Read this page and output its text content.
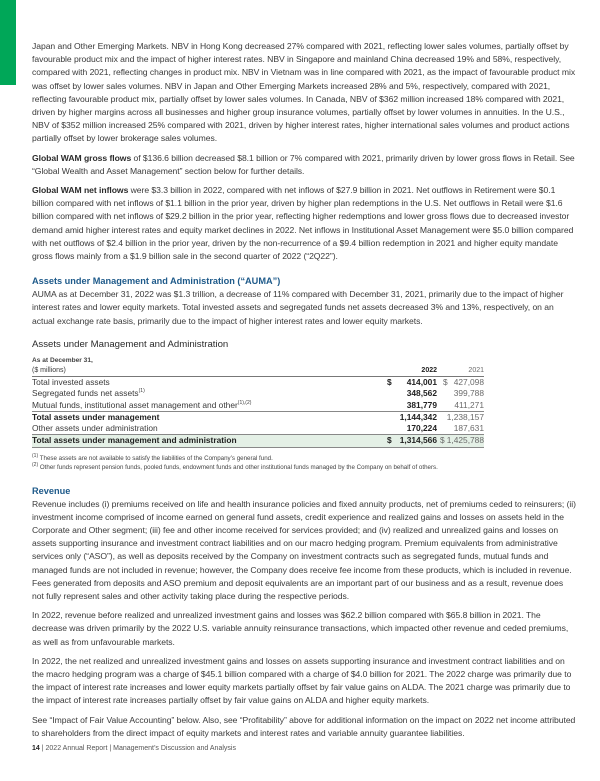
Japan and Other Emerging Markets. NBV in Hong Kong decreased 27% compared with 2021, reflecting lower sales volumes, partially offset by favourable product mix and the impact of higher interest rates. NBV in Singapore and mainland China decreased 19% and 58%, respectively, compared with 2021, reflecting changes in product mix. NBV in Vietnam was in line compared with 2021, as the impact of favourable product mix was offset by lower sales volumes. NBV in Japan and Other Emerging Markets increased 28% and 5%, respectively, compared with 2021, reflecting favourable product mix, partially offset by lower sales volumes. In Canada, NBV of $362 million increased 18% compared with 2021, driven by higher margins across all businesses and higher group insurance volumes, partially offset by lower volumes in annuities. In the U.S., NBV of $352 million increased 25% compared with 2021, driven by higher interest rates, higher international sales volumes and product actions partially offset by lower brokerage sales volumes.

Global WAM gross flows of $136.6 billion decreased $8.1 billion or 7% compared with 2021, primarily driven by lower gross flows in Retail. See “Global Wealth and Asset Management” section below for further details.

Global WAM net inflows were $3.3 billion in 2022, compared with net inflows of $27.9 billion in 2021. Net outflows in Retirement were $0.1 billion compared with net inflows of $1.1 billion in the prior year, driven by higher plan redemptions in the U.S. Net outflows in Retail were $1.6 billion compared with net inflows of $29.2 billion in the prior year, reflecting higher redemptions and lower gross flows due to decreased investor demand amid higher interest rates and equity market declines in 2022. Net inflows in Institutional Asset Management were $5.0 billion compared with net outflows of $2.4 billion in the prior year, driven by the non-recurrence of a $9.4 billion redemption in 2021 and higher equity mandate gross flows mainly from a $1.9 billion sale in the second quarter of 2022 (“2Q22”).

Assets under Management and Administration (“AUMA”)

AUMA as at December 31, 2022 was $1.3 trillion, a decrease of 11% compared with December 31, 2021, primarily due to the impact of higher interest rates and lower equity markets. Total invested assets and segregated funds net assets decreased 3% and 13%, respectively, on an actual exchange rate basis, primarily due to the impact of higher interest rates and lower equity markets.

Assets under Management and Administration
As at December 31,
($ millions)	2022	2021
Total invested assets	$ 414,001	$ 427,098
Segregated funds net assets$^{(1)}$	348,562	399,788
Mutual funds, institutional asset management and other$^{(1),(2)}$	381,779	411,271
Total assets under management	1,144,342	1,238,157
Other assets under administration	170,224	187,631
Total assets under management and administration	$ 1,314,566	$ 1,425,788
$^{(1)}$ These assets are not available to satisfy the liabilities of the Company’s general fund.
$^{(2)}$ Other funds represent pension funds, pooled funds, endowment funds and other institutional funds managed by the Company on behalf of others.
Revenue

Revenue includes (i) premiums received on life and health insurance policies and fixed annuity products, net of premiums ceded to reinsurers; (ii) investment income comprised of income earned on general fund assets, credit experience and realized gains and losses on assets held in the Corporate and Other segment; (iii) fee and other income received for services provided; and (iv) realized and unrealized gains and losses on assets supporting insurance and investment contract liabilities and on our macro hedging program. Premium equivalents from administrative services only (“ASO”), as well as deposits received by the Company on investment contracts such as segregated funds, mutual funds and managed funds are not included in revenue; however, the Company does receive fee income from these products, which is included in revenue. Fees generated from deposits and ASO premium and deposit equivalents are an important part of our business and as a result, revenue does not fully represent sales and other activity taking place during the respective periods.

In 2022, revenue before realized and unrealized investment gains and losses was $62.2 billion compared with $65.8 billion in 2021. The decrease was driven primarily by the 2022 U.S. variable annuity reinsurance transactions, which impacted other revenue and ceded premiums, as well as from unfavourable markets.

In 2022, the net realized and unrealized investment gains and losses on assets supporting insurance and investment contract liabilities and on the macro hedging program was a charge of $45.1 billion compared with a charge of $4.0 billion for 2021. The 2022 charge was primarily due to the impact of interest rate increases and lower equity markets partially offset by fair value gains on ALDA. The 2021 charge was primarily due to the impact of interest rate increases partially offset by fair value gains on ALDA and higher equity markets.

See “Impact of Fair Value Accounting” below. Also, see “Profitability” above for additional information on the impact on 2022 net income attributed to shareholders from the direct impact of equity markets and interest rates and variable annuity guarantee liabilities.

14 | 2022 Annual Report | Management’s Discussion and Analysis
